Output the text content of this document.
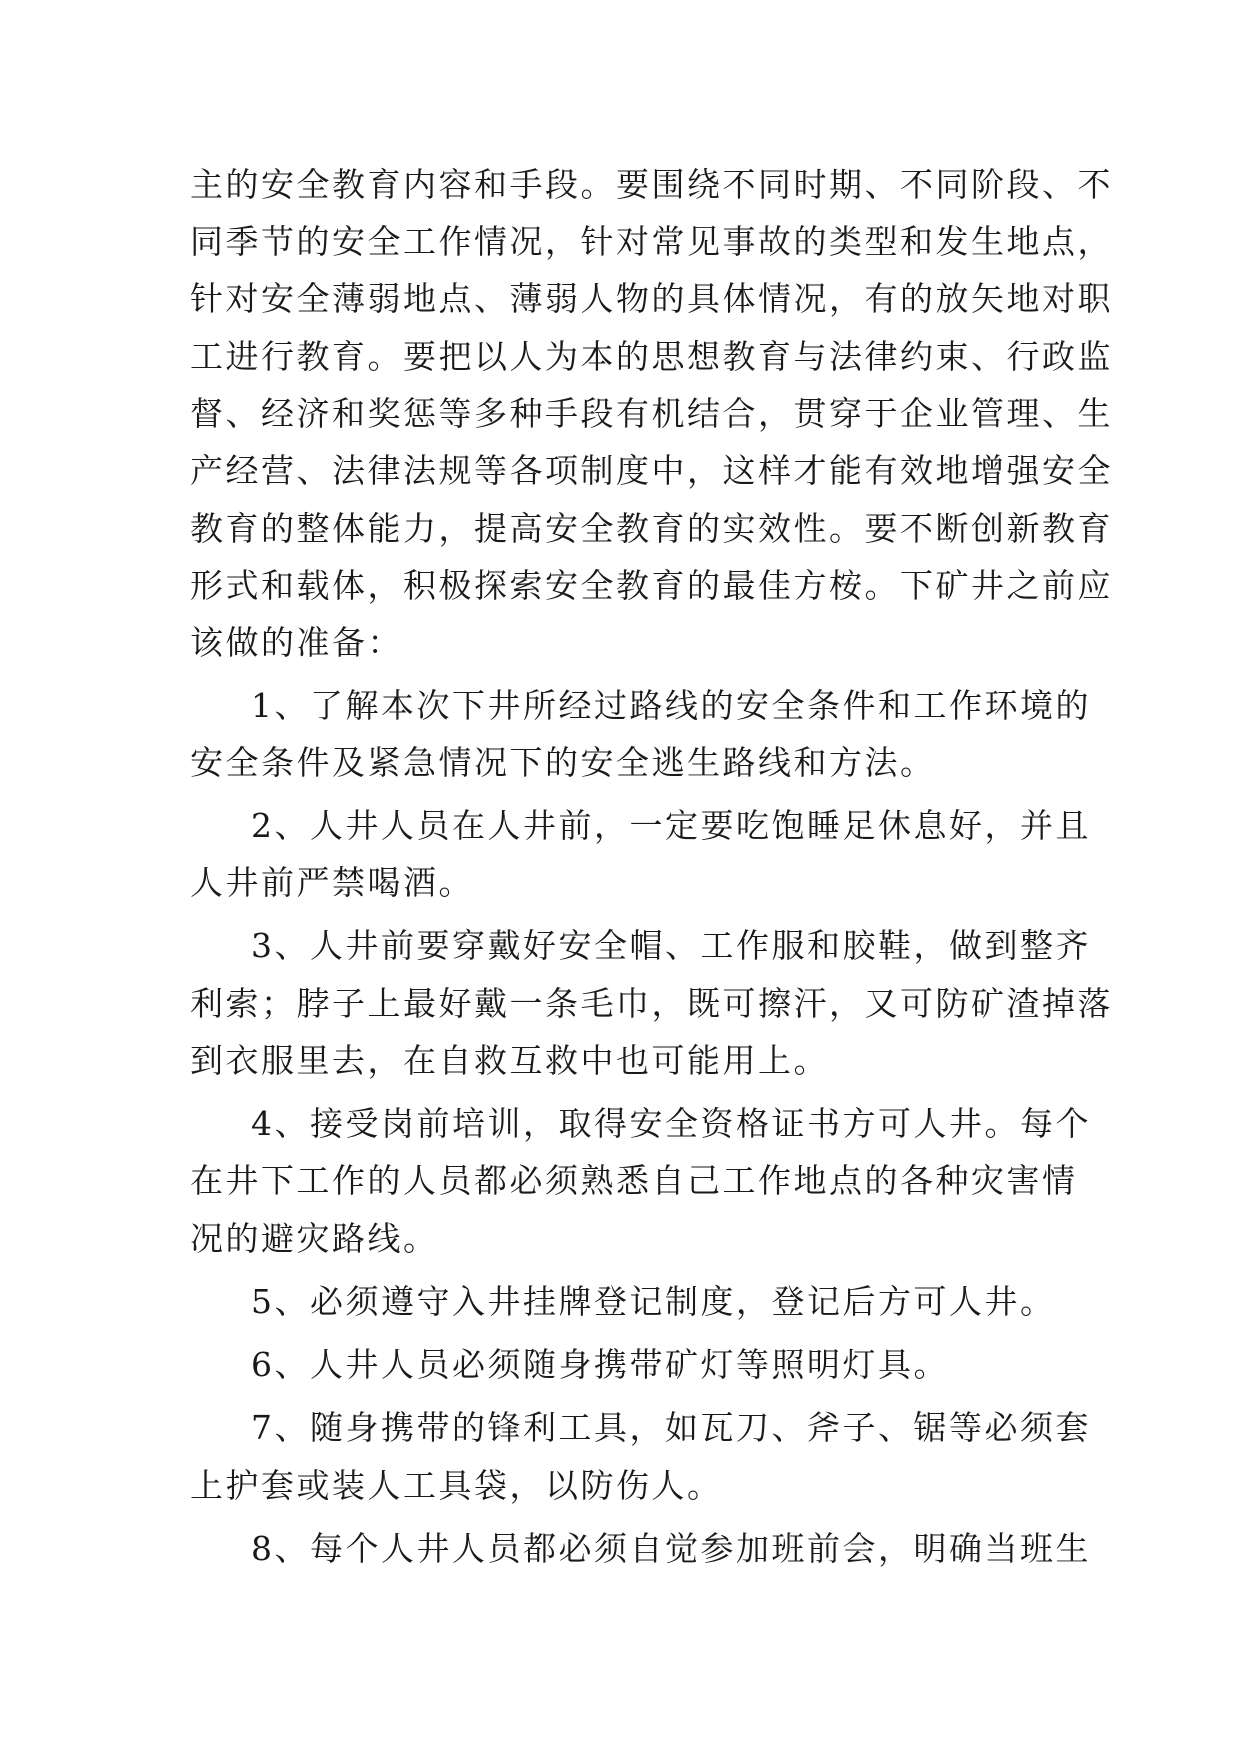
主的安全教育内容和手段。要围绕不同时期、不同阶段、不
同季节的安全工作情况，针对常见事故的类型和发生地点，
针对安全薄弱地点、薄弱人物的具体情况，有的放矢地对职
工进行教育。要把以人为本的思想教育与法律约束、行政监
督、经济和奖惩等多种手段有机结合，贯穿于企业管理、生
产经营、法律法规等各项制度中，这样才能有效地增强安全
教育的整体能力，提高安全教育的实效性。要不断创新教育
形式和载体，积极探索安全教育的最佳方桉。下矿井之前应
该做的准备：
1、了解本次下井所经过路线的安全条件和工作环境的
安全条件及紧急情况下的安全逃生路线和方法。
2、人井人员在人井前，一定要吃饱睡足休息好，并且
人井前严禁喝酒。
3、人井前要穿戴好安全帽、工作服和胶鞋，做到整齐
利索；脖子上最好戴一条毛巾，既可擦汗，又可防矿渣掉落
到衣服里去，在自救互救中也可能用上。
4、接受岗前培训，取得安全资格证书方可人井。每个
在井下工作的人员都必须熟悉自己工作地点的各种灾害情
况的避灾路线。
5、必须遵守入井挂牌登记制度，登记后方可人井。
6、人井人员必须随身携带矿灯等照明灯具。
7、随身携带的锋利工具，如瓦刀、斧子、锯等必须套
上护套或装人工具袋，以防伤人。
8、每个人井人员都必须自觉参加班前会，明确当班生
